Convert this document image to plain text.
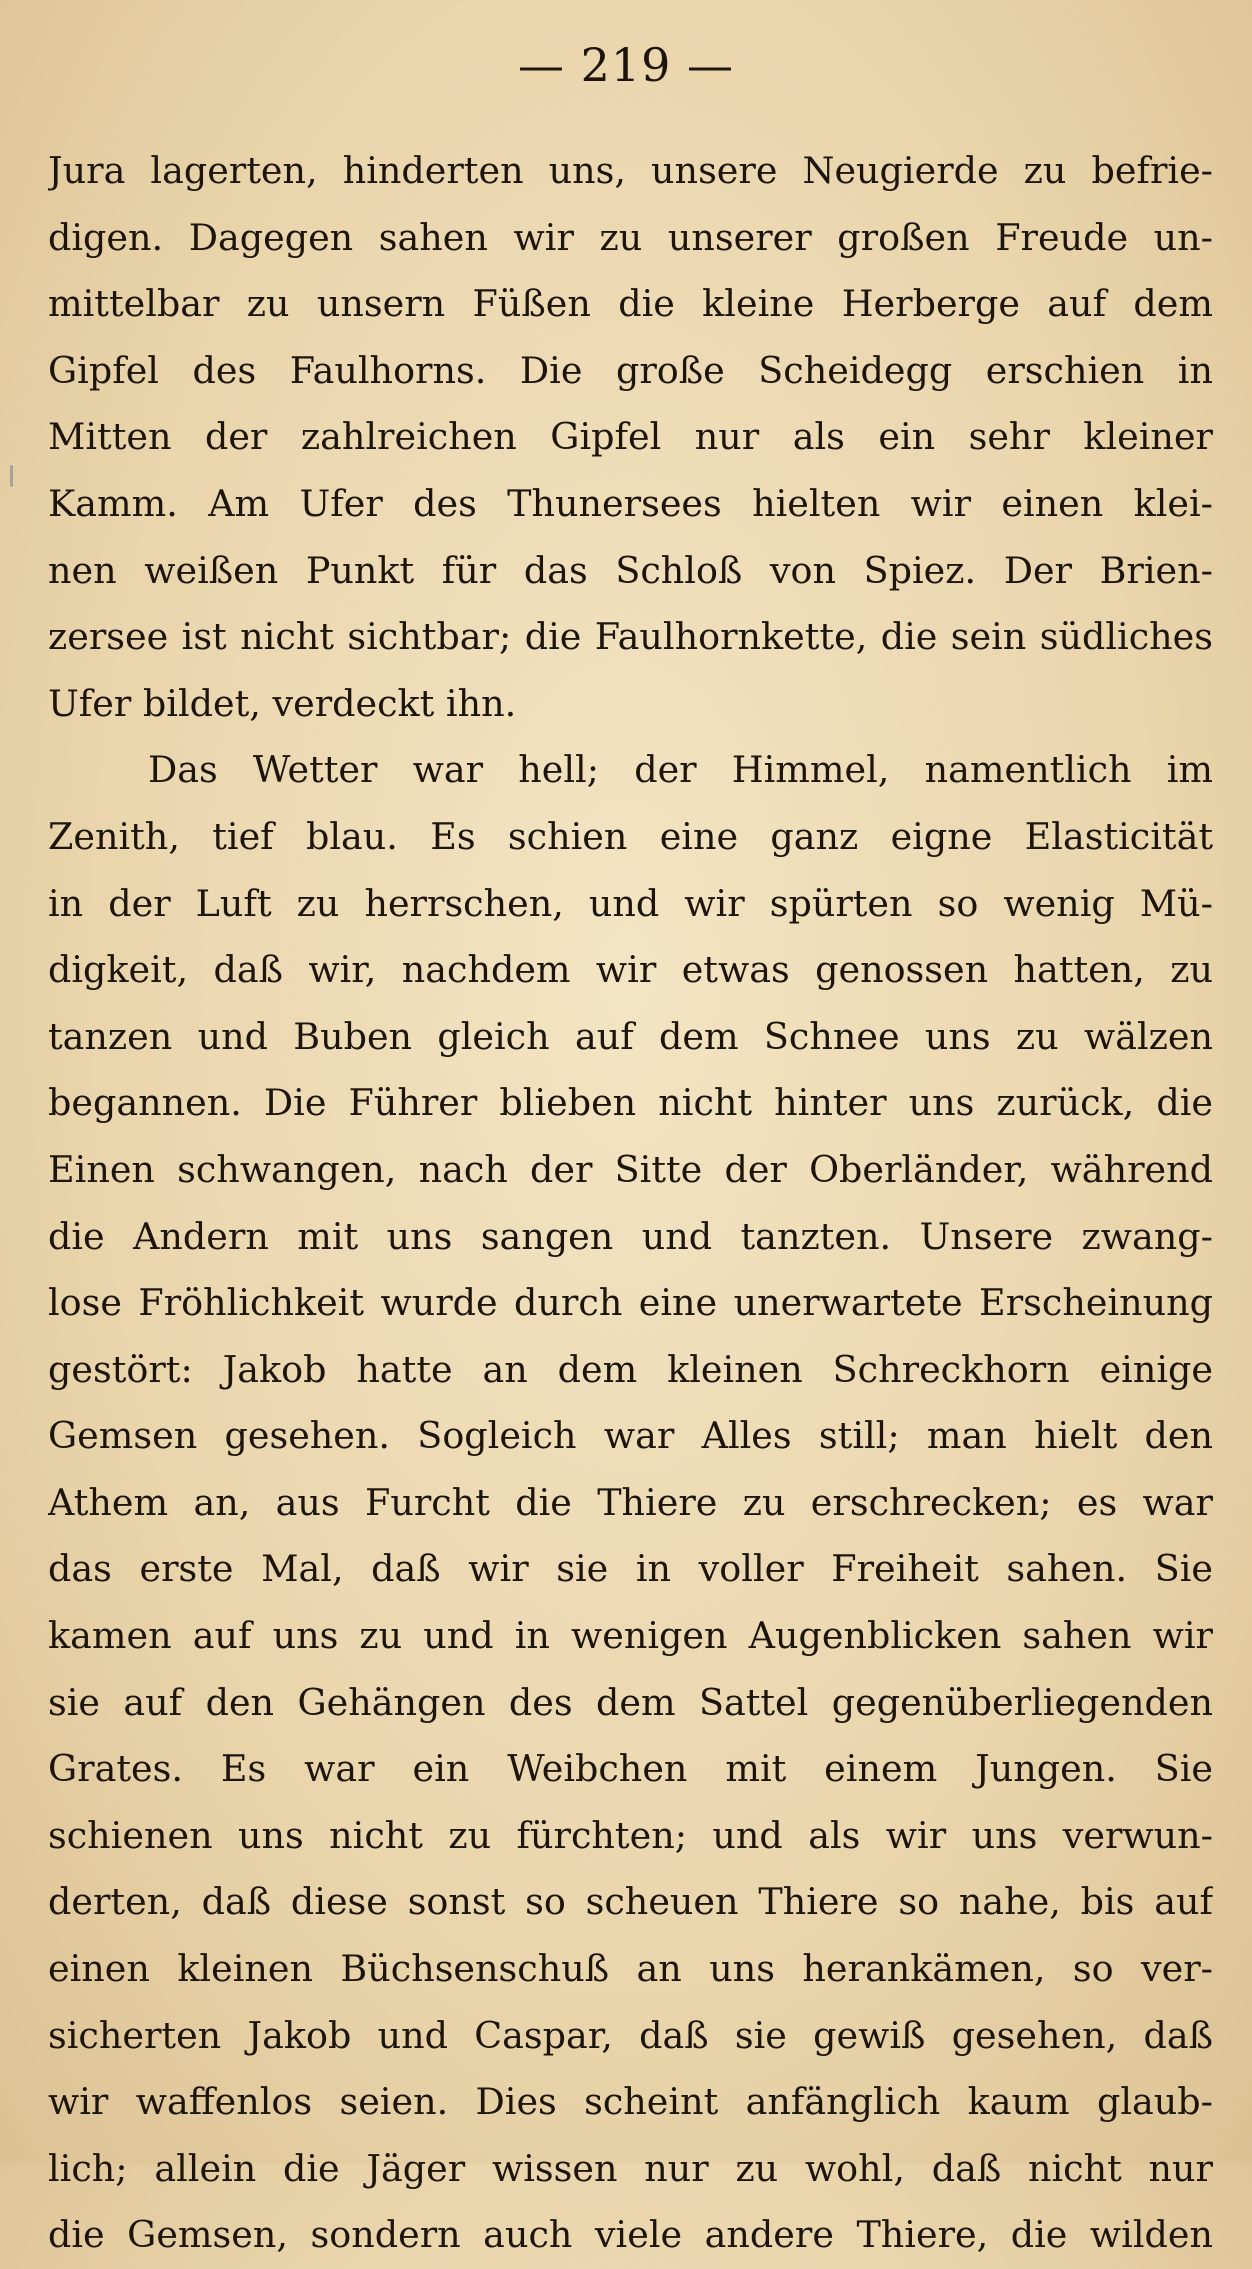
— 219 —
Jura lagerten, hinderten uns, unsere Neugierde zu befrie-
digen. Dagegen sahen wir zu unserer großen Freude un-
mittelbar zu unsern Füßen die kleine Herberge auf dem
Gipfel des Faulhorns. Die große Scheidegg erschien in
Mitten der zahlreichen Gipfel nur als ein sehr kleiner
Kamm. Am Ufer des Thunersees hielten wir einen klei-
nen weißen Punkt für das Schloß von Spiez. Der Brien-
zersee ist nicht sichtbar; die Faulhornkette, die sein südliches
Ufer bildet, verdeckt ihn.
Das Wetter war hell; der Himmel, namentlich im
Zenith, tief blau. Es schien eine ganz eigne Elasticität
in der Luft zu herrschen, und wir spürten so wenig Mü-
digkeit, daß wir, nachdem wir etwas genossen hatten, zu
tanzen und Buben gleich auf dem Schnee uns zu wälzen
begannen. Die Führer blieben nicht hinter uns zurück, die
Einen schwangen, nach der Sitte der Oberländer, während
die Andern mit uns sangen und tanzten. Unsere zwang-
lose Fröhlichkeit wurde durch eine unerwartete Erscheinung
gestört: Jakob hatte an dem kleinen Schreckhorn einige
Gemsen gesehen. Sogleich war Alles still; man hielt den
Athem an, aus Furcht die Thiere zu erschrecken; es war
das erste Mal, daß wir sie in voller Freiheit sahen. Sie
kamen auf uns zu und in wenigen Augenblicken sahen wir
sie auf den Gehängen des dem Sattel gegenüberliegenden
Grates. Es war ein Weibchen mit einem Jungen. Sie
schienen uns nicht zu fürchten; und als wir uns verwun-
derten, daß diese sonst so scheuen Thiere so nahe, bis auf
einen kleinen Büchsenschuß an uns herankämen, so ver-
sicherten Jakob und Caspar, daß sie gewiß gesehen, daß
wir waffenlos seien. Dies scheint anfänglich kaum glaub-
lich; allein die Jäger wissen nur zu wohl, daß nicht nur
die Gemsen, sondern auch viele andere Thiere, die wilden
